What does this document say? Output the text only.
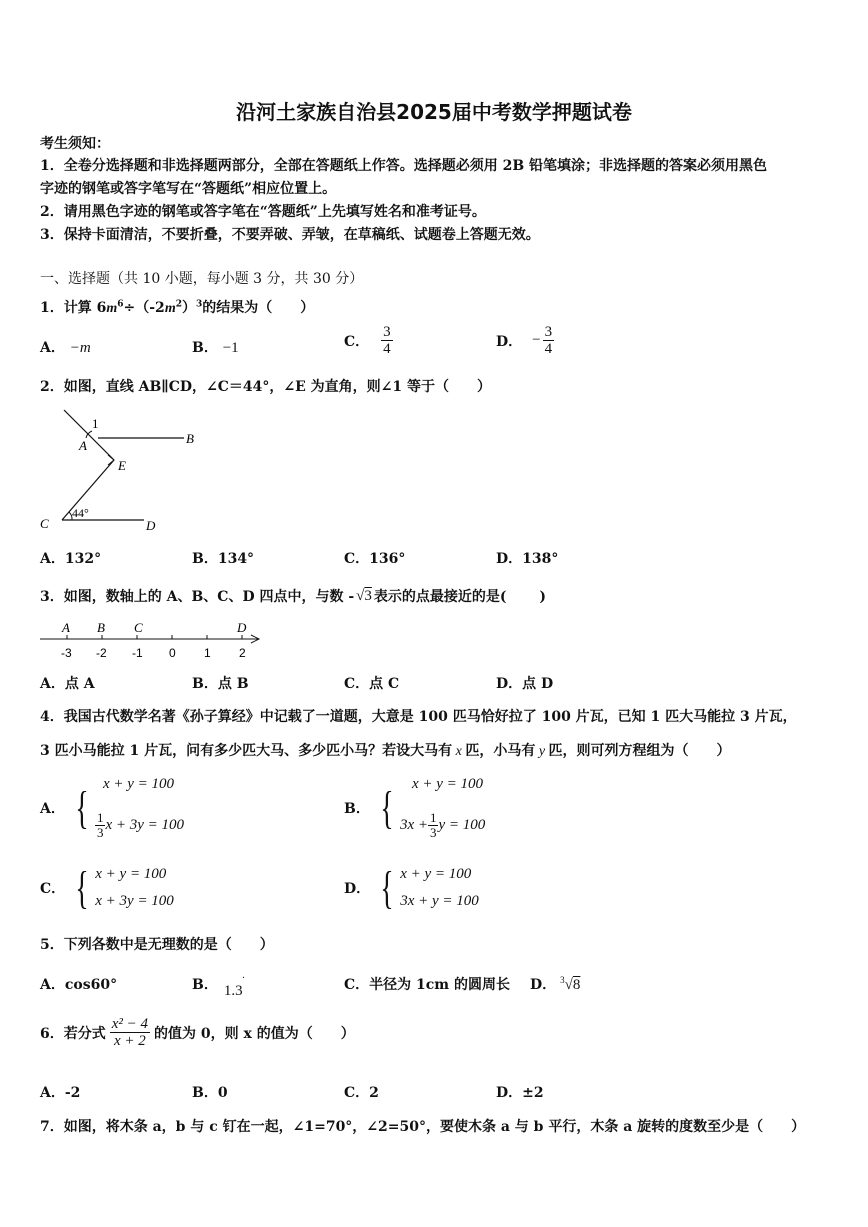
沿河土家族自治县2025届中考数学押题试卷
考生须知：
1．全卷分选择题和非选择题两部分，全部在答题纸上作答。选择题必须用 2B 铅笔填涂；非选择题的答案必须用黑色
字迹的钢笔或答字笔写在“答题纸”相应位置上。
2．请用黑色字迹的钢笔或答字笔在“答题纸”上先填写姓名和准考证号。
3．保持卡面清洁，不要折叠，不要弄破、弄皱，在草稿纸、试题卷上答题无效。
一、选择题（共 10 小题，每小题 3 分，共 30 分）
1．计算 $6m^6\div(-2m^2)^3$的结果为（　　）
A． −m	B． −1	C． $\frac{3}{4}$	D． − $\frac{3}{4}$
2．如图，直线 AB∥CD，∠C＝44°，∠E 为直角，则∠1 等于（　　）
1
A	B
E
C	D
44°
A．132°	B．134°	C．136°	D．138°
3．如图，数轴上的 A、B、C、D 四点中，与数 - √3 表示的点最接近的是(　　 )
-3 -2 -1 0 1 2
A B C	D
A．点 A	B．点 B	C．点 C	D．点 D
4．我国古代数学名著《孙子算经》中记载了一道题，大意是 100 匹马恰好拉了 100 片瓦，已知 1 匹大马能拉 3 片瓦，
3 匹小马能拉 1 片瓦，问有多少匹大马、多少匹小马？若设大马有 x 匹，小马有 y 匹，则可列方程组为（　　）
A． { x + y = 100
$\frac{1}{3}$ x + 3y = 100
B． {	x + y = 100
$3x + \frac{1}{3}$ y = 100
C． { x + y = 100
x + 3y = 100
D． { x + y = 100
3x + y = 100
5．下列各数中是无理数的是（　　）
A．cos60°	B． 1.3
·	C．半径为 1cm 的圆周长 D． $^3$√8
6．若分式 $\frac{\text{x² − 4}}{x + 2}$ 的值为 0，则 x 的值为（　　）
A．-2	B．0	C．2	D．±2
7．如图，将木条 a，b 与 c 钉在一起，∠1=70°，∠2=50°，要使木条 a 与 b 平行，木条 a 旋转的度数至少是（　　）
